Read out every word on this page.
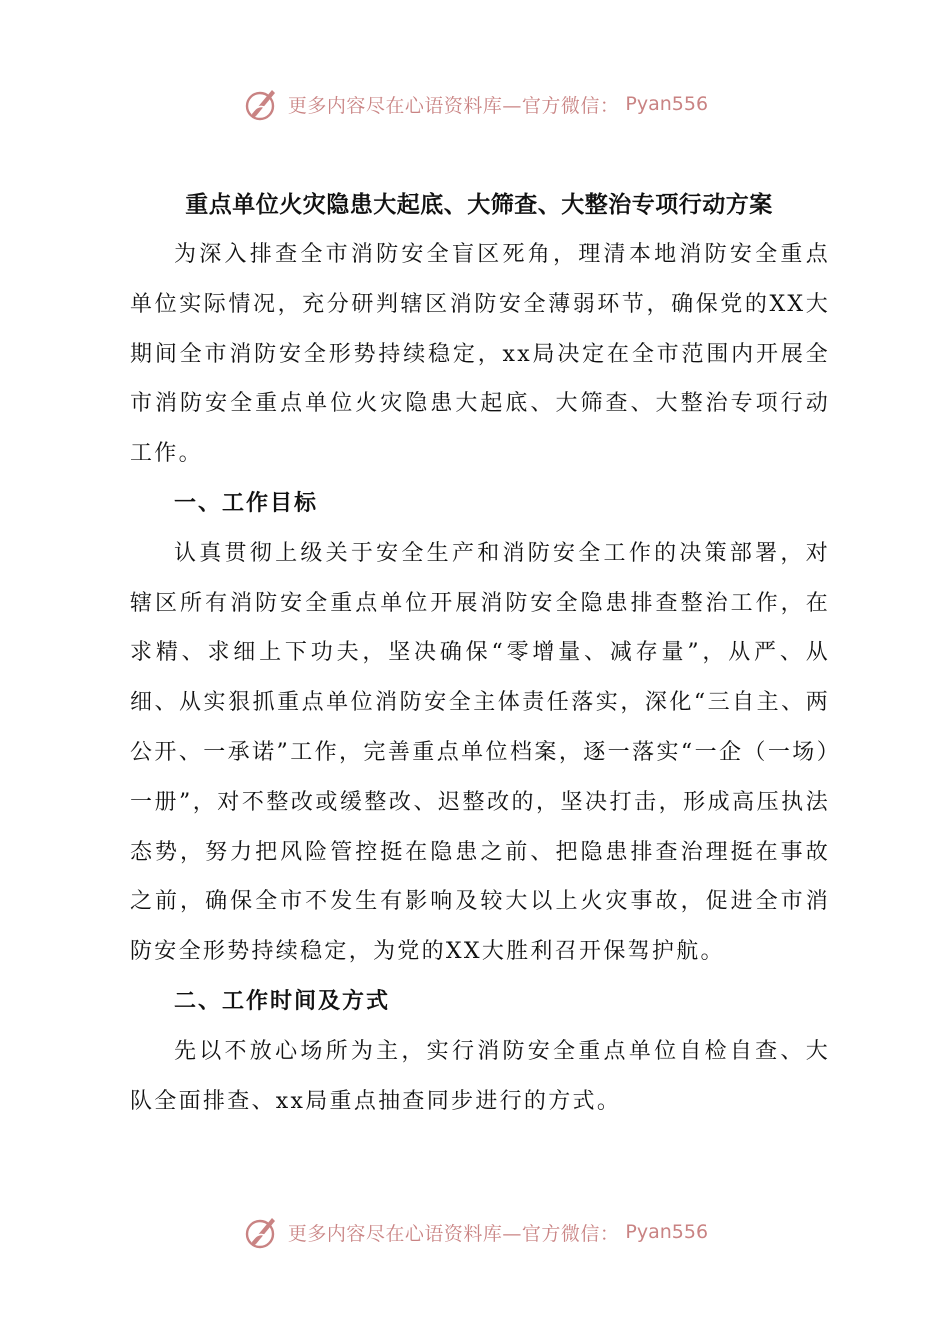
更多内容尽在心语资料库—官方微信： Pyan556

重点单位火灾隐患大起底、大筛查、大整治专项行动方案

为深入排查全市消防安全盲区死角，理清本地消防安全重点单位实际情况，充分研判辖区消防安全薄弱环节，确保党的XX大期间全市消防安全形势持续稳定，xx局决定在全市范围内开展全市消防安全重点单位火灾隐患大起底、大筛查、大整治专项行动工作。

一、工作目标

认真贯彻上级关于安全生产和消防安全工作的决策部署，对辖区所有消防安全重点单位开展消防安全隐患排查整治工作，在求精、求细上下功夫，坚决确保“零增量、减存量”，从严、从细、从实狠抓重点单位消防安全主体责任落实，深化“三自主、两公开、一承诺”工作，完善重点单位档案，逐一落实“一企（一场）一册”，对不整改或缓整改、迟整改的，坚决打击，形成高压执法态势，努力把风险管控挺在隐患之前、把隐患排查治理挺在事故之前，确保全市不发生有影响及较大以上火灾事故，促进全市消防安全形势持续稳定，为党的XX大胜利召开保驾护航。

二、工作时间及方式

先以不放心场所为主，实行消防安全重点单位自检自查、大队全面排查、xx局重点抽查同步进行的方式。

更多内容尽在心语资料库—官方微信： Pyan556
